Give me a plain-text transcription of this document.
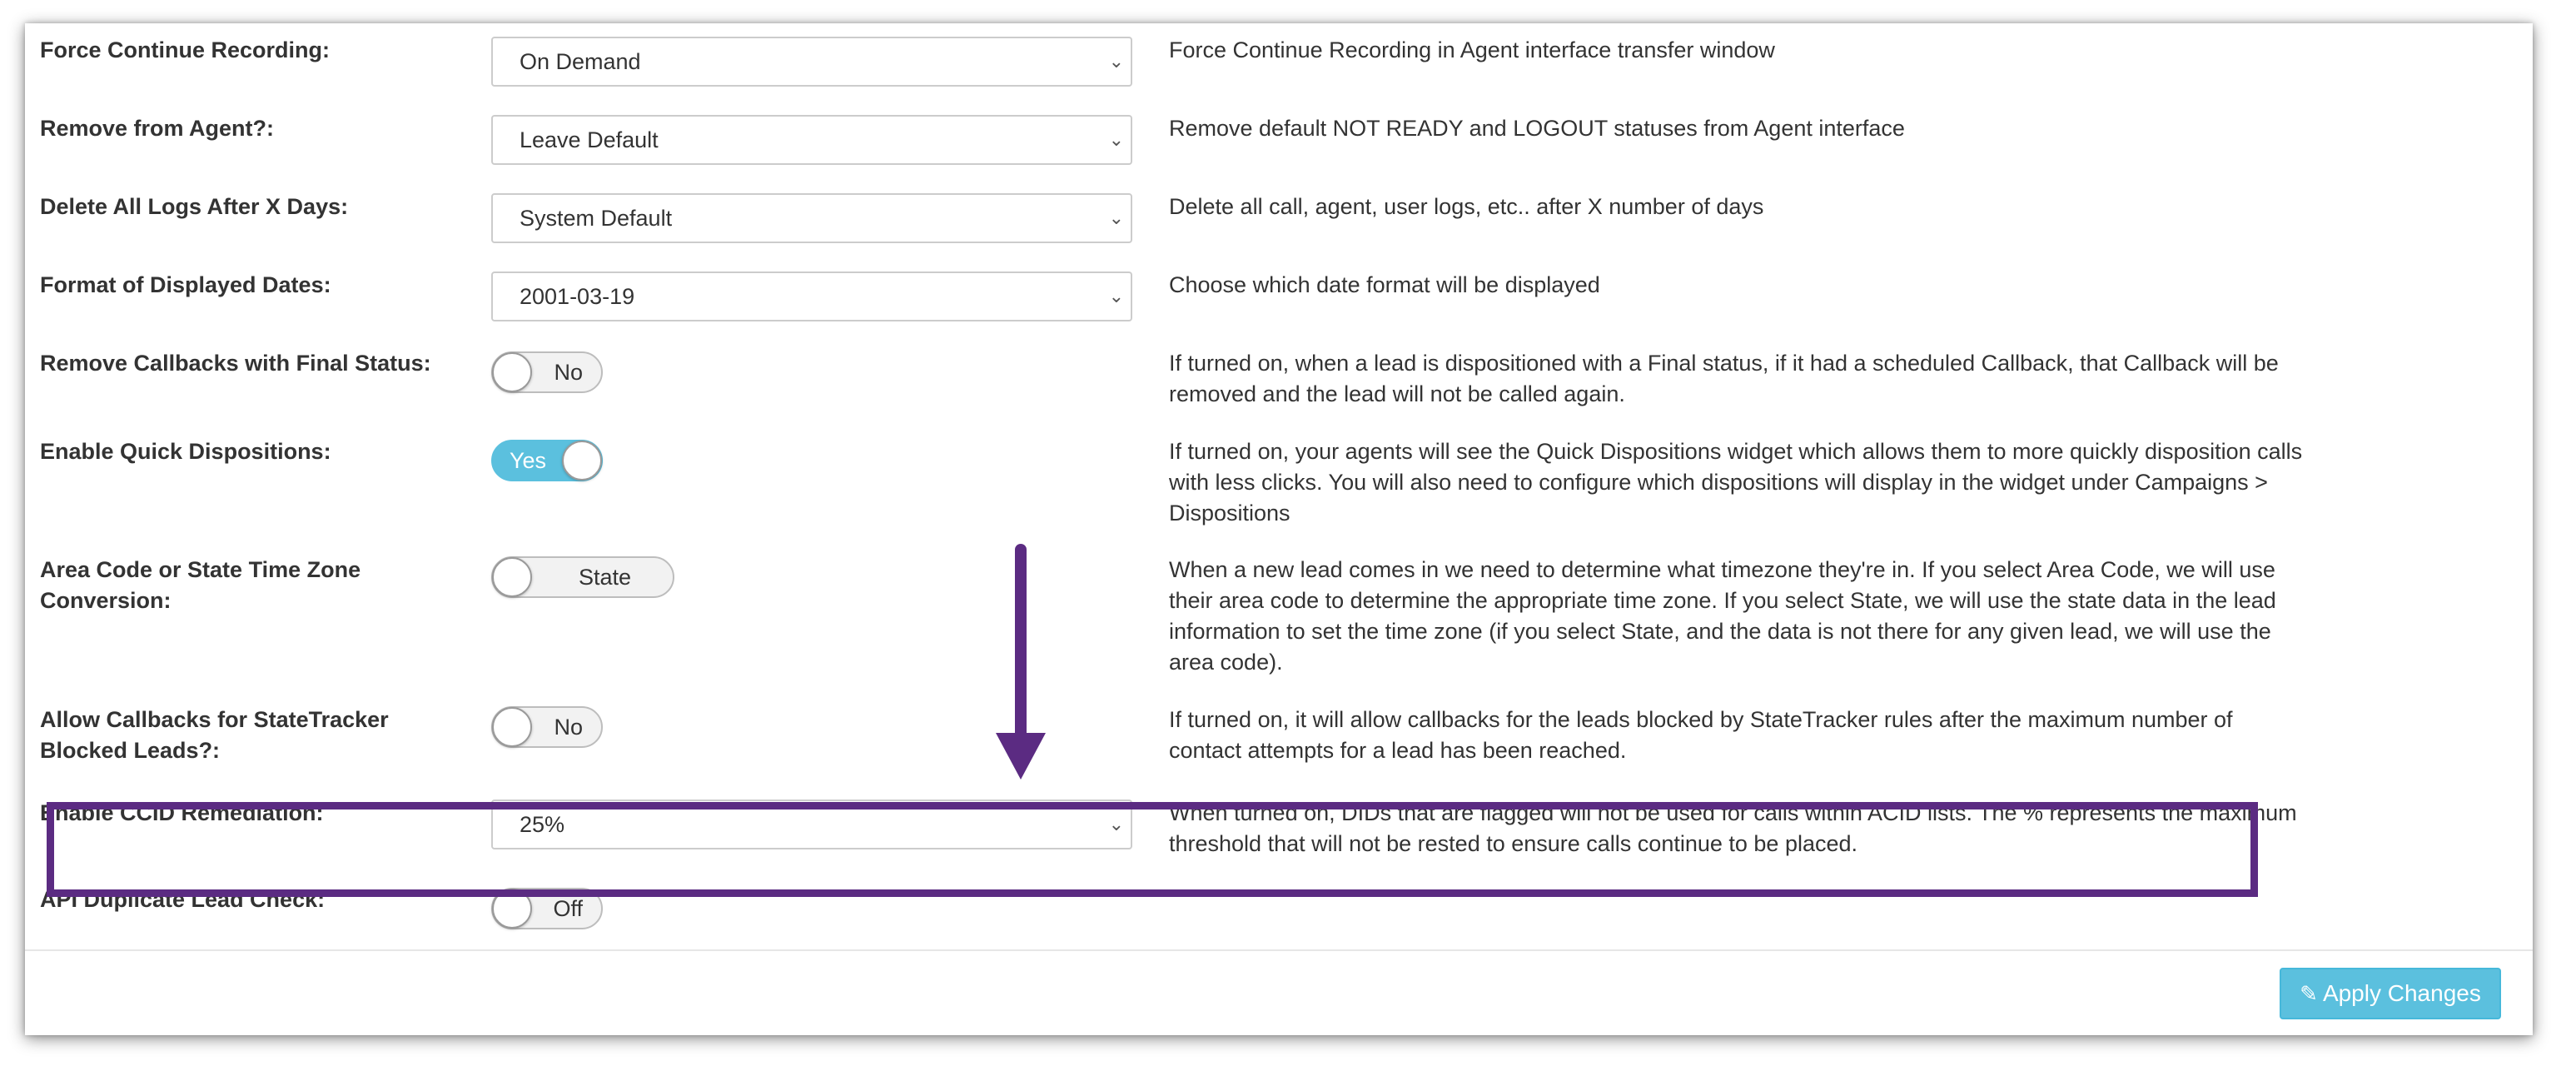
Force Continue Recording:	On Demand	⌄ Force Continue Recording in Agent interface transfer window
Remove from Agent?:	Leave Default	⌄ Remove default NOT READY and LOGOUT statuses from Agent interface
Delete All Logs After X Days:	System Default	⌄ Delete all call, agent, user logs, etc.. after X number of days
Format of Displayed Dates:	2001-03-19	⌄ Choose which date format will be displayed
Remove Callbacks with Final Status:	No	If turned on, when a lead is dispositioned with a Final status, if it had a scheduled Callback, that Callback will be removed and the lead will not be called again.
Enable Quick Dispositions:	Yes	If turned on, your agents will see the Quick Dispositions widget which allows them to more quickly disposition calls with less clicks. You will also need to configure which dispositions will display in the widget under Campaigns > Dispositions
Area Code or State Time Zone Conversion:
State	When a new lead comes in we need to determine what timezone they're in. If you select Area Code, we will use their area code to determine the appropriate time zone. If you select State, we will use the state data in the lead information to set the time zone (if you select State, and the data is not there for any given lead, we will use the area code).
Allow Callbacks for StateTracker Blocked Leads?:
No	If turned on, it will allow callbacks for the leads blocked by StateTracker rules after the maximum number of contact attempts for a lead has been reached.
Enable CCID Remediation:	25%	⌄ When turned on, DIDs that are flagged will not be used for calls within ACID lists. The % represents the maximum threshold that will not be rested to ensure calls continue to be placed.
API Duplicate Lead Check:	Off
✎ Apply Changes
